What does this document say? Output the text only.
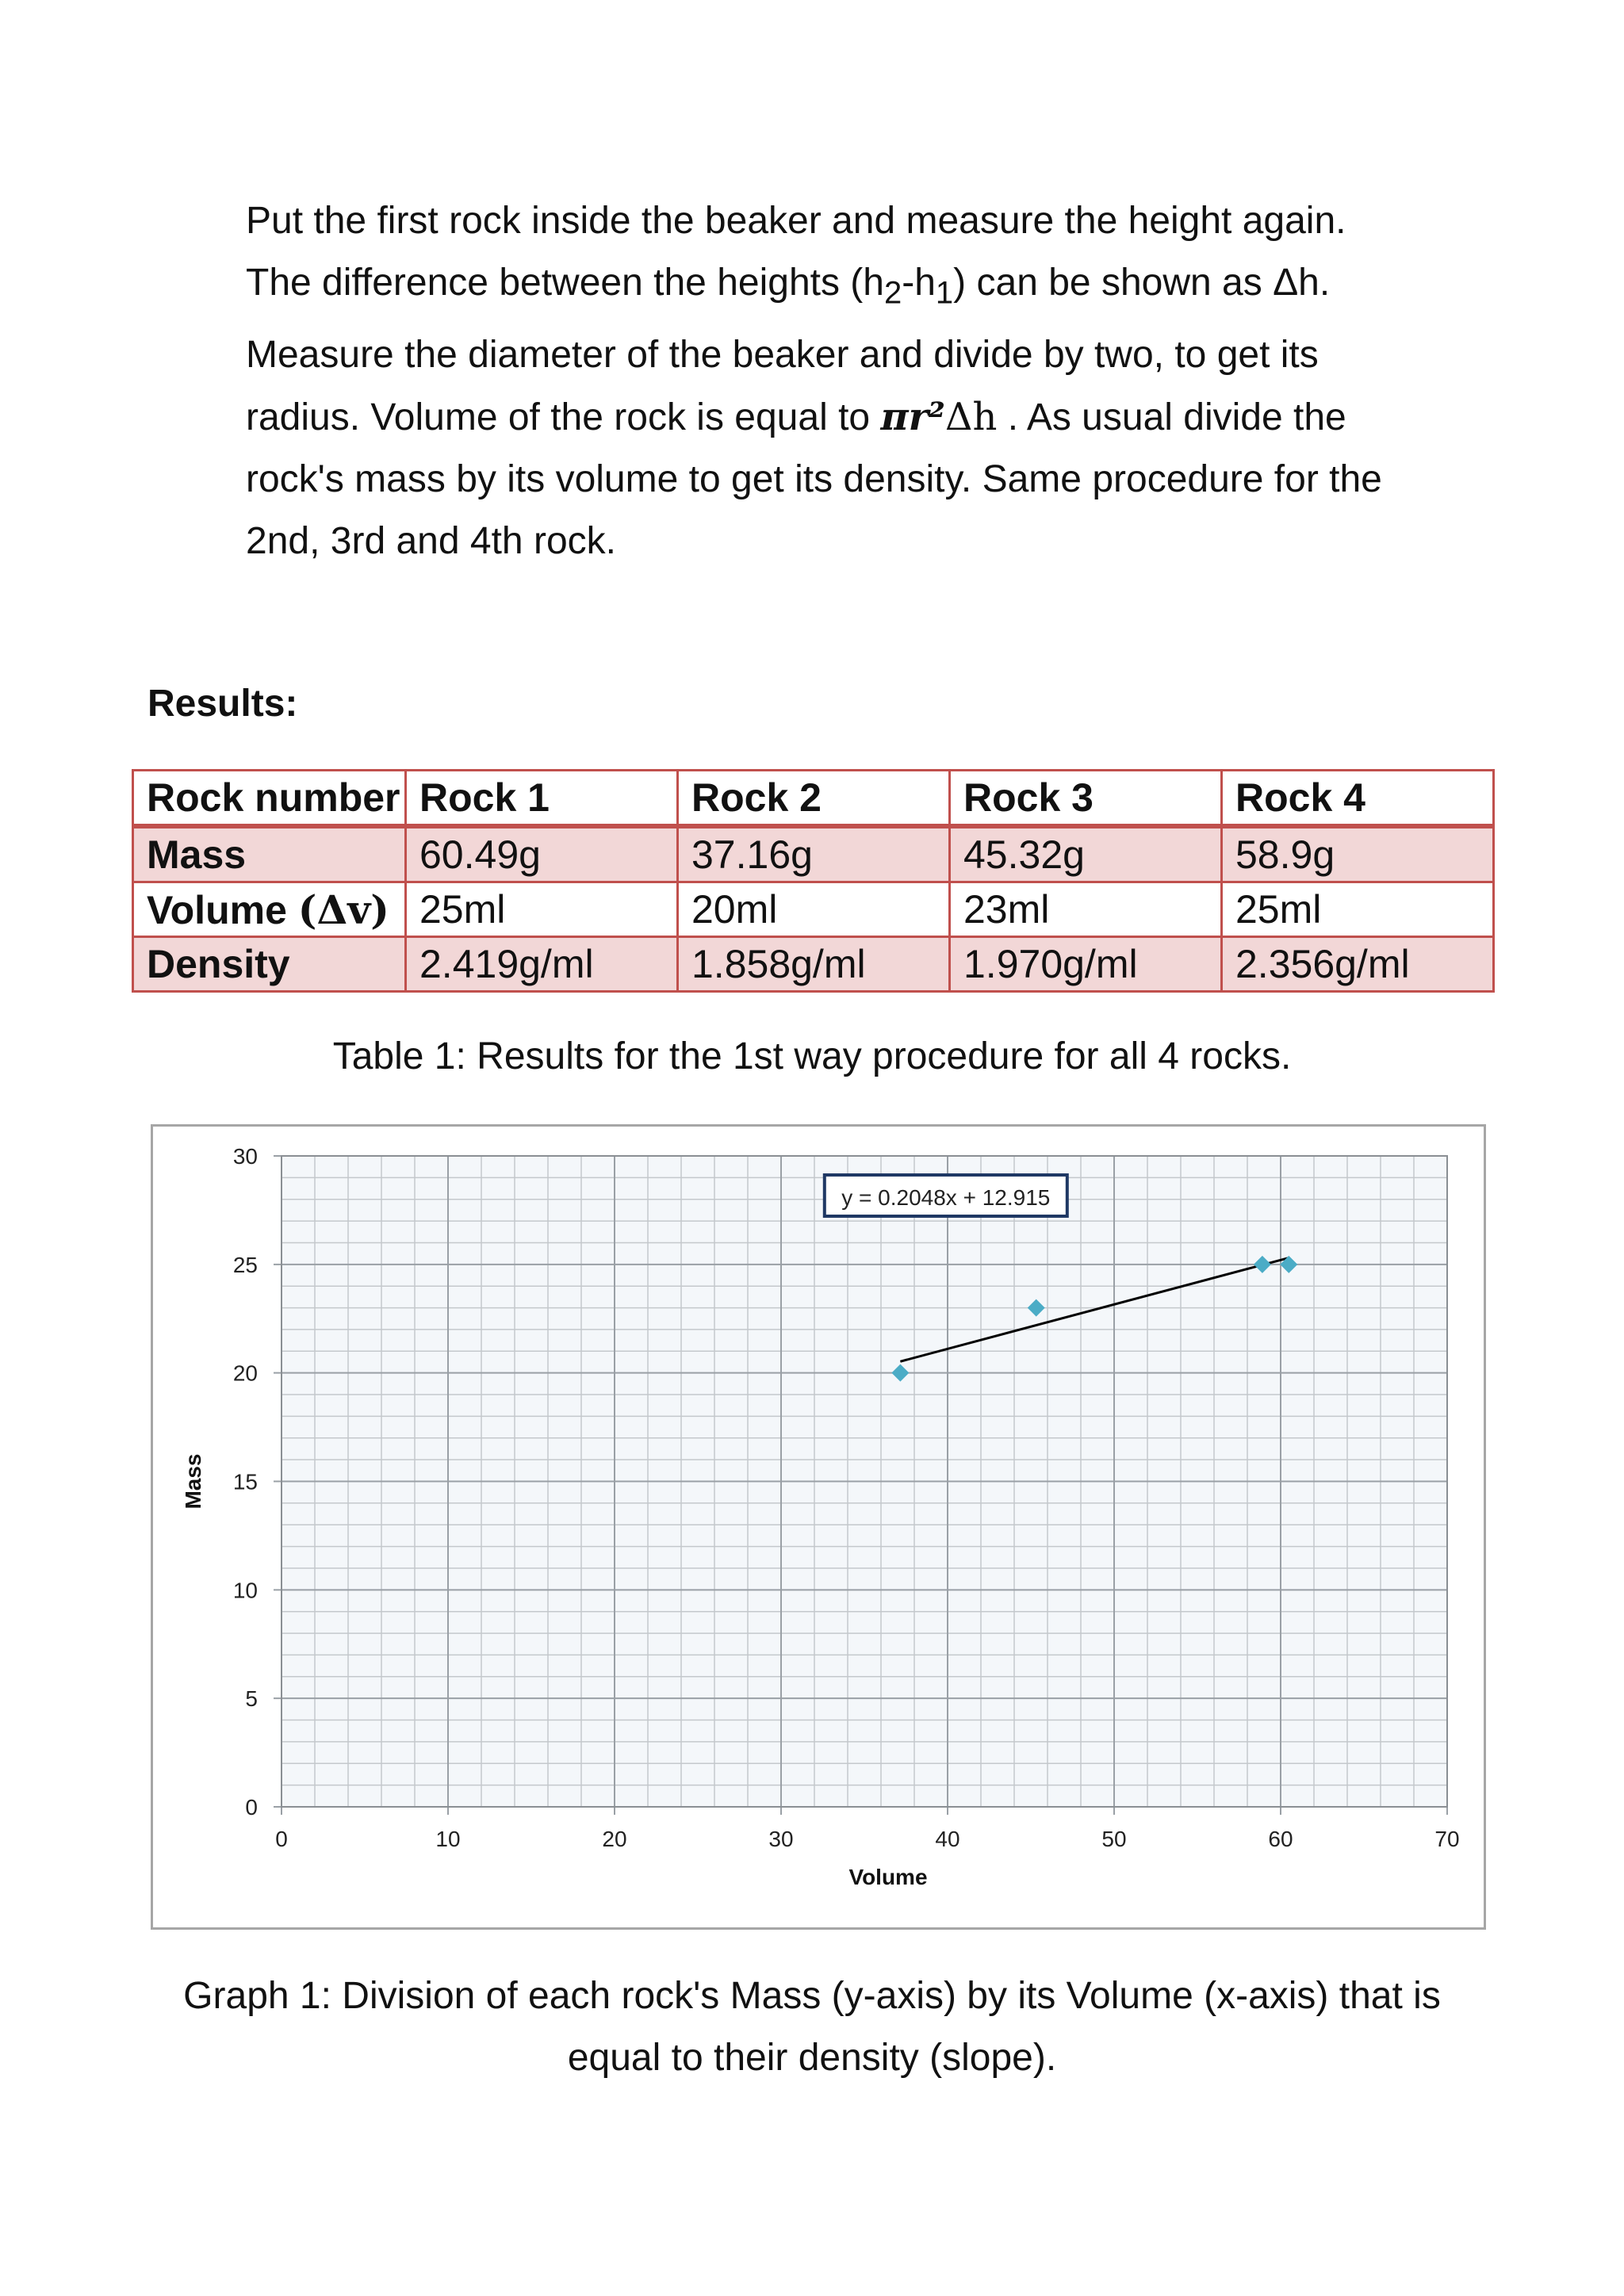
Put the first rock inside the beaker and measure the height again.
The difference between the heights $(h_2-h_1)$ can be shown as Δh.
Measure the diameter of the beaker and divide by two, to get its
radius. Volume of the rock is equal to πr²Δh . As usual divide the
rock's mass by its volume to get its density. Same procedure for the
2nd, 3rd and 4th rock.

Results:
Rock number	Rock 1	Rock 2	Rock 3	Rock 4
Mass	60.49g	37.16g	45.32g	58.9g
Volume (Δv)	25ml	20ml	23ml	25ml
Density	2.419g/ml	1.858g/ml	1.970g/ml	2.356g/ml

Table 1: Results for the 1st way procedure for all 4 rocks.

0	10	20	30	40	50	60	70
0
5
10
15
20
25
30
Volume
Mass
y = 0.2048x + 12.915

Graph 1: Division of each rock's Mass (y-axis) by its Volume (x-axis) that is

equal to their density (slope).
